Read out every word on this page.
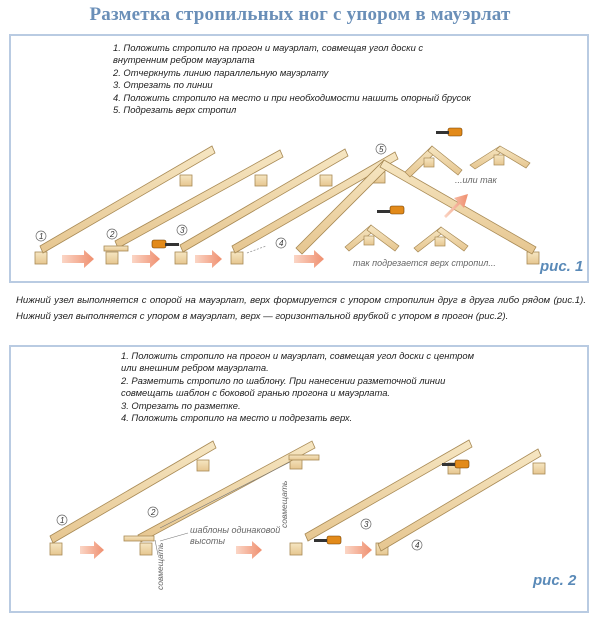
Разметка стропильных ног с упором в мауэрлат
1. Положить стропило на прогон и мауэрлат, совмещая угол доски с
внутренним ребром мауэрлата
2. Отчеркнуть линию параллельную мауэрлату
3. Отрезать по линии
4. Положить стропило на место и при необходимости нашить опорный брусок
5. Подрезать верх стропил
Нижний узел выполняется с опорой на мауэрлат, верх формируется с упором стропилин друг в друга либо рядом (рис.1). Нижний узел выполняется с упором в мауэрлат, верх — горизонтальной врубкой с упором в прогон (рис.2).
1. Положить стропило на прогон и мауэрлат, совмещая угол доски с центром
или внешним ребром мауэрлата.
2. Разметить стропило по шаблону. При нанесении разметочной линии
совмещать шаблон с боковой гранью прогона и мауэрлата.
3. Отрезать по разметке.
4. Положить стропило на место и подрезать верх.
1	2	3
4
5
...или так
так подрезается верх стропил...
1
2
3
4
шаблоны одинаковой
высоты
совмещать
совмещать
рис. 1
рис. 2
